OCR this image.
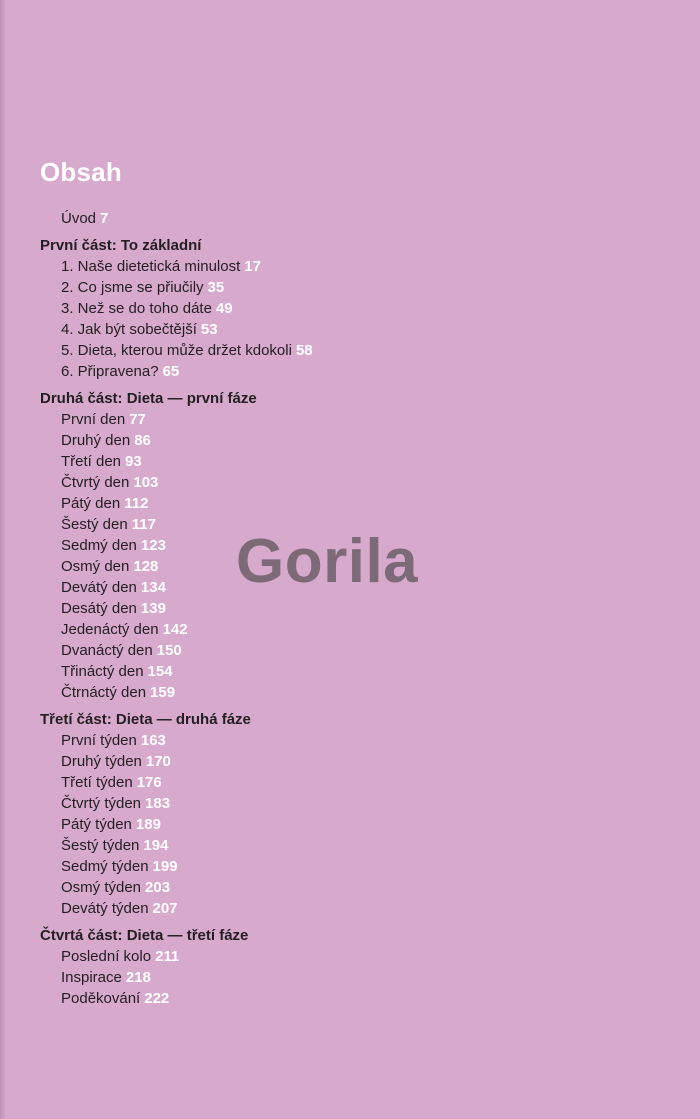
Obsah
Úvod 7
První část: To základní
1. Naše dietetická minulost 17
2. Co jsme se přiučily 35
3. Než se do toho dáte 49
4. Jak být sobečtější 53
5. Dieta, kterou může držet kdokoli 58
6. Připravena? 65
Druhá část: Dieta — první fáze
První den 77
Druhý den 86
Třetí den 93
Čtvrtý den 103
Pátý den 112
Šestý den 117
Sedmý den 123
Osmý den 128
Devátý den 134
Desátý den 139
Jedenáctý den 142
Dvanáctý den 150
Třináctý den 154
Čtrnáctý den 159
Třetí část: Dieta — druhá fáze
První týden 163
Druhý týden 170
Třetí týden 176
Čtvrtý týden 183
Pátý týden 189
Šestý týden 194
Sedmý týden 199
Osmý týden 203
Devátý týden 207
Čtvrtá část: Dieta — třetí fáze
Poslední kolo 211
Inspirace 218
Poděkování 222
Gorila
